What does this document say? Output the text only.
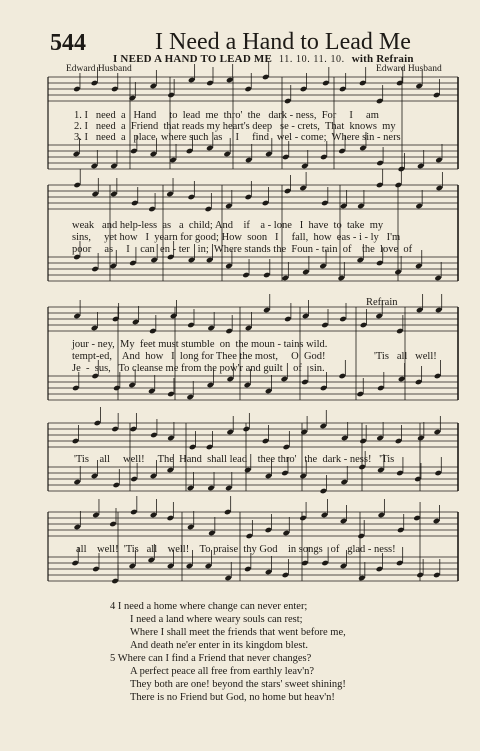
544	I Need a Hand to Lead Me
I NEED A HAND TO LEAD ME 11. 10. 11. 10. with Refrain
Edward Husband	Edward Husband
Refrain
1. I   need  a   Hand     to  lead  me  thro'  the   dark - ness,  For     I     am
2. I   need  a  Friend  that reads my heart's deep   se - crets,  That  knows  my
3. I   need  a   place  where such  as     I     find   wel - come;  Where sin - ners
weak   and help-less  as   a  child; And    if    a - lone   I  have  to  take  my
sins,     yet how   I  yearn for good; How  soon   I     fall,  how  eas - i - ly   I'm
poor     as     I    can  en - ter   in;  Where stands the  Foun - tain  of    the  love  of
jour - ney,  My  feet must stumble  on  the moun - tains wild.
tempt-ed,    And  how   I  long for Thee the most,     O  God!
Je  -  sus,   To cleanse me from the pow'r and guilt    of   sin.
'Tis   all   well!
'Tis    all     well!     The  Hand  shall lead    thee thro'   the  dark - ness!   'Tis
all    well!  'Tis   all    well!    To praise  thy God    in songs   of   glad - ness!
4 I need a home where change can never enter;
I need a land where weary souls can rest;
Where I shall meet the friends that went before me,
And death ne'er enter in its kingdom blest.
5 Where can I find a Friend that never changes?
A perfect peace all free from earthly leav'n?
They both are one! beyond the stars' sweet shining!
There is no Friend but God, no home but heav'n!
